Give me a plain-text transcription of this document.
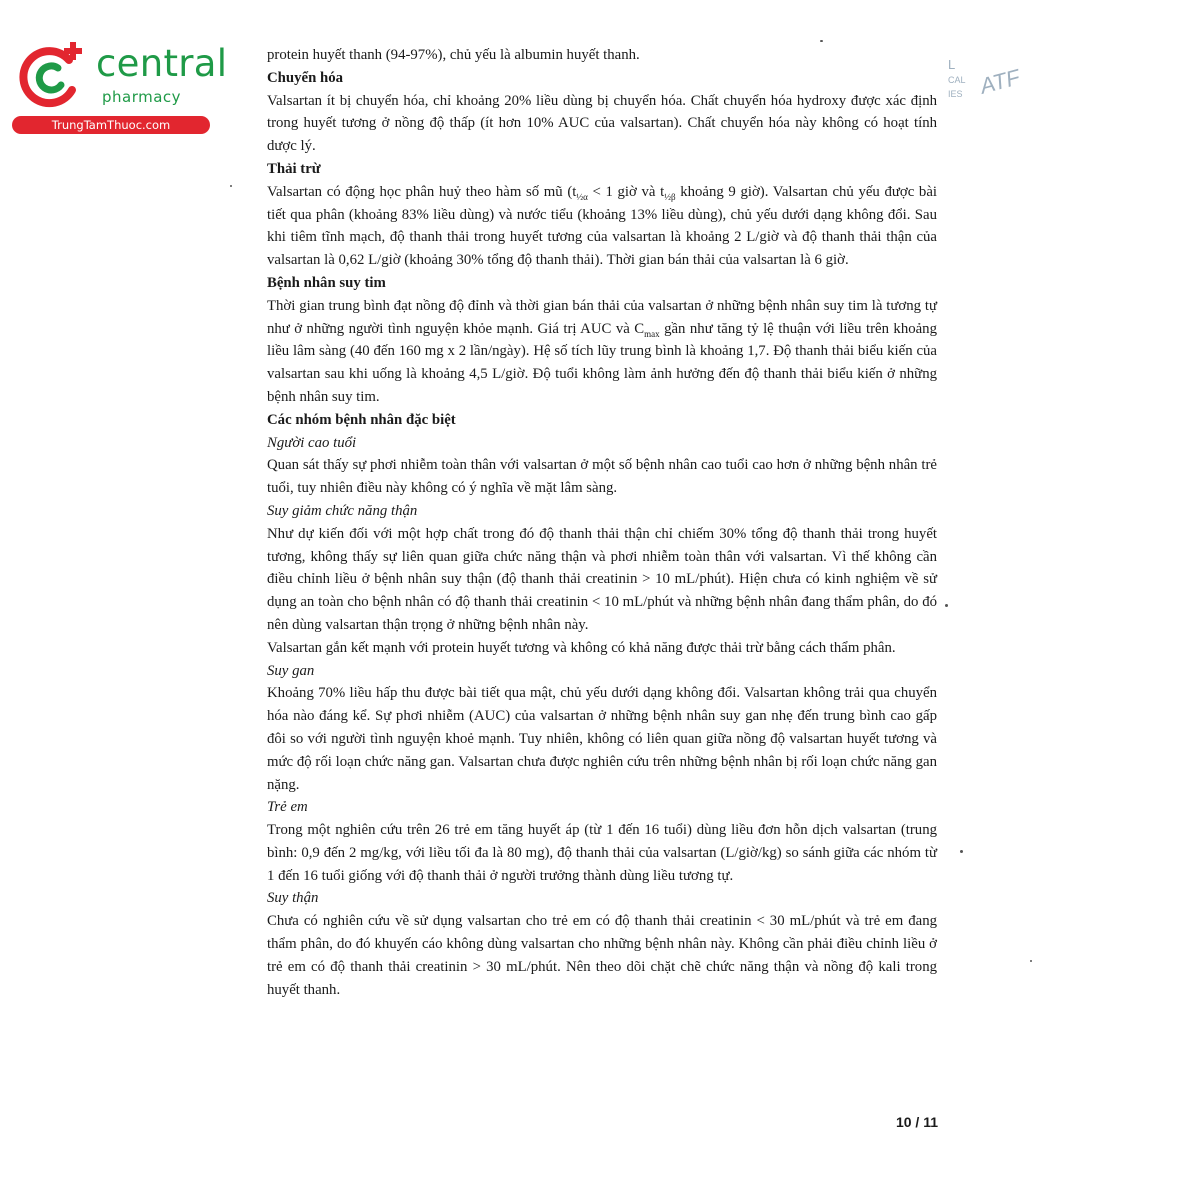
central
pharmacy
TrungTamThuoc.com
L
CAL
IES ATF

protein huyết thanh (94-97%), chủ yếu là albumin huyết thanh.

Chuyển hóa

Valsartan ít bị chuyển hóa, chỉ khoảng 20% liều dùng bị chuyển hóa. Chất chuyển hóa hydroxy được xác định trong huyết tương ở nồng độ thấp (ít hơn 10% AUC của valsartan). Chất chuyển hóa này không có hoạt tính dược lý.

Thải trừ

Valsartan có động học phân huỷ theo hàm số mũ ($t_{\frac{1}{2}\alpha} < 1$ giờ và $t_{\frac{1}{2}\beta}$ khoảng 9 giờ). Valsartan chủ yếu được bài tiết qua phân (khoảng 83% liều dùng) và nước tiểu (khoảng 13% liều dùng), chủ yếu dưới dạng không đổi. Sau khi tiêm tĩnh mạch, độ thanh thải trong huyết tương của valsartan là khoảng 2 L/giờ và độ thanh thải thận của valsartan là 0,62 L/giờ (khoảng 30% tổng độ thanh thải). Thời gian bán thải của valsartan là 6 giờ.

Bệnh nhân suy tim

Thời gian trung bình đạt nồng độ đỉnh và thời gian bán thải của valsartan ở những bệnh nhân suy tim là tương tự như ở những người tình nguyện khỏe mạnh. Giá trị AUC và $C_{max}$ gần như tăng tỷ lệ thuận với liều trên khoảng liều lâm sàng (40 đến 160 mg x 2 lần/ngày). Hệ số tích lũy trung bình là khoảng 1,7. Độ thanh thải biểu kiến của valsartan sau khi uống là khoảng 4,5 L/giờ. Độ tuổi không làm ảnh hưởng đến độ thanh thải biểu kiến ở những bệnh nhân suy tim.

Các nhóm bệnh nhân đặc biệt

Người cao tuổi

Quan sát thấy sự phơi nhiễm toàn thân với valsartan ở một số bệnh nhân cao tuổi cao hơn ở những bệnh nhân trẻ tuổi, tuy nhiên điều này không có ý nghĩa về mặt lâm sàng.

Suy giảm chức năng thận

Như dự kiến đối với một hợp chất trong đó độ thanh thải thận chỉ chiếm 30% tổng độ thanh thải trong huyết tương, không thấy sự liên quan giữa chức năng thận và phơi nhiễm toàn thân với valsartan. Vì thế không cần điều chỉnh liều ở bệnh nhân suy thận (độ thanh thải creatinin > 10 mL/phút). Hiện chưa có kinh nghiệm về sử dụng an toàn cho bệnh nhân có độ thanh thải creatinin < 10 mL/phút và những bệnh nhân đang thẩm phân, do đó nên dùng valsartan thận trọng ở những bệnh nhân này.

Valsartan gắn kết mạnh với protein huyết tương và không có khả năng được thải trừ bằng cách thẩm phân.

Suy gan

Khoảng 70% liều hấp thu được bài tiết qua mật, chủ yếu dưới dạng không đổi. Valsartan không trải qua chuyển hóa nào đáng kể. Sự phơi nhiễm (AUC) của valsartan ở những bệnh nhân suy gan nhẹ đến trung bình cao gấp đôi so với người tình nguyện khoẻ mạnh. Tuy nhiên, không có liên quan giữa nồng độ valsartan huyết tương và mức độ rối loạn chức năng gan. Valsartan chưa được nghiên cứu trên những bệnh nhân bị rối loạn chức năng gan nặng.

Trẻ em

Trong một nghiên cứu trên 26 trẻ em tăng huyết áp (từ 1 đến 16 tuổi) dùng liều đơn hỗn dịch valsartan (trung bình: 0,9 đến 2 mg/kg, với liều tối đa là 80 mg), độ thanh thải của valsartan (L/giờ/kg) so sánh giữa các nhóm từ 1 đến 16 tuổi giống với độ thanh thải ở người trưởng thành dùng liều tương tự.

Suy thận

Chưa có nghiên cứu về sử dụng valsartan cho trẻ em có độ thanh thải creatinin < 30 mL/phút và trẻ em đang thẩm phân, do đó khuyến cáo không dùng valsartan cho những bệnh nhân này. Không cần phải điều chỉnh liều ở trẻ em có độ thanh thải creatinin > 30 mL/phút. Nên theo dõi chặt chẽ chức năng thận và nồng độ kali trong huyết thanh.

10 / 11
